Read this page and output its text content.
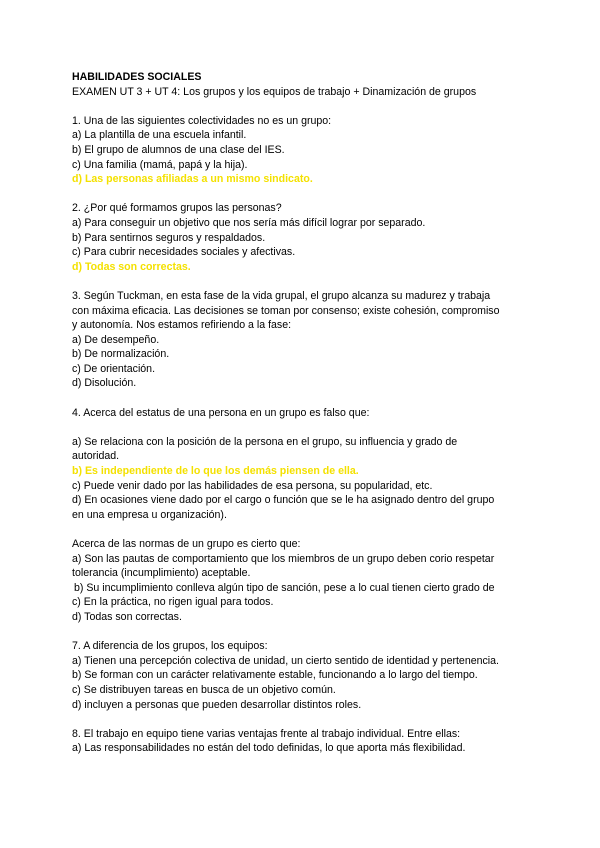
HABILIDADES SOCIALES
EXAMEN UT 3 + UT 4: Los grupos y los equipos de trabajo + Dinamización de grupos
1. Una de las siguientes colectividades no es un grupo:
a) La plantilla de una escuela infantil.
b) El grupo de alumnos de una clase del IES.
c) Una familia (mamá, papá y la hija).
d) Las personas afiliadas a un mismo sindicato.
2. ¿Por qué formamos grupos las personas?
a) Para conseguir un objetivo que nos sería más difícil lograr por separado.
b) Para sentirnos seguros y respaldados.
c) Para cubrir necesidades sociales y afectivas.
d) Todas son correctas.
3. Según Tuckman, en esta fase de la vida grupal, el grupo alcanza su madurez y trabaja
con máxima eficacia. Las decisiones se toman por consenso; existe cohesión, compromiso
y autonomía. Nos estamos refiriendo a la fase:
a) De desempeño.
b) De normalización.
c) De orientación.
d) Disolución.
4. Acerca del estatus de una persona en un grupo es falso que:
a) Se relaciona con la posición de la persona en el grupo, su influencia y grado de
autoridad.
b) Es independiente de lo que los demás piensen de ella.
c) Puede venir dado por las habilidades de esa persona, su popularidad, etc.
d) En ocasiones viene dado por el cargo o función que se le ha asignado dentro del grupo
en una empresa u organización).
Acerca de las normas de un grupo es cierto que:
a) Son las pautas de comportamiento que los miembros de un grupo deben corio respetar
tolerancia (incumplimiento) aceptable.
b) Su incumplimiento conlleva algún tipo de sanción, pese a lo cual tienen cierto grado de
c) En la práctica, no rigen igual para todos.
d) Todas son correctas.
7. A diferencia de los grupos, los equipos:
a) Tienen una percepción colectiva de unidad, un cierto sentido de identidad y pertenencia.
b) Se forman con un carácter relativamente estable, funcionando a lo largo del tiempo.
c) Se distribuyen tareas en busca de un objetivo común.
d) incluyen a personas que pueden desarrollar distintos roles.
8. El trabajo en equipo tiene varias ventajas frente al trabajo individual. Entre ellas:
a) Las responsabilidades no están del todo definidas, lo que aporta más flexibilidad.
